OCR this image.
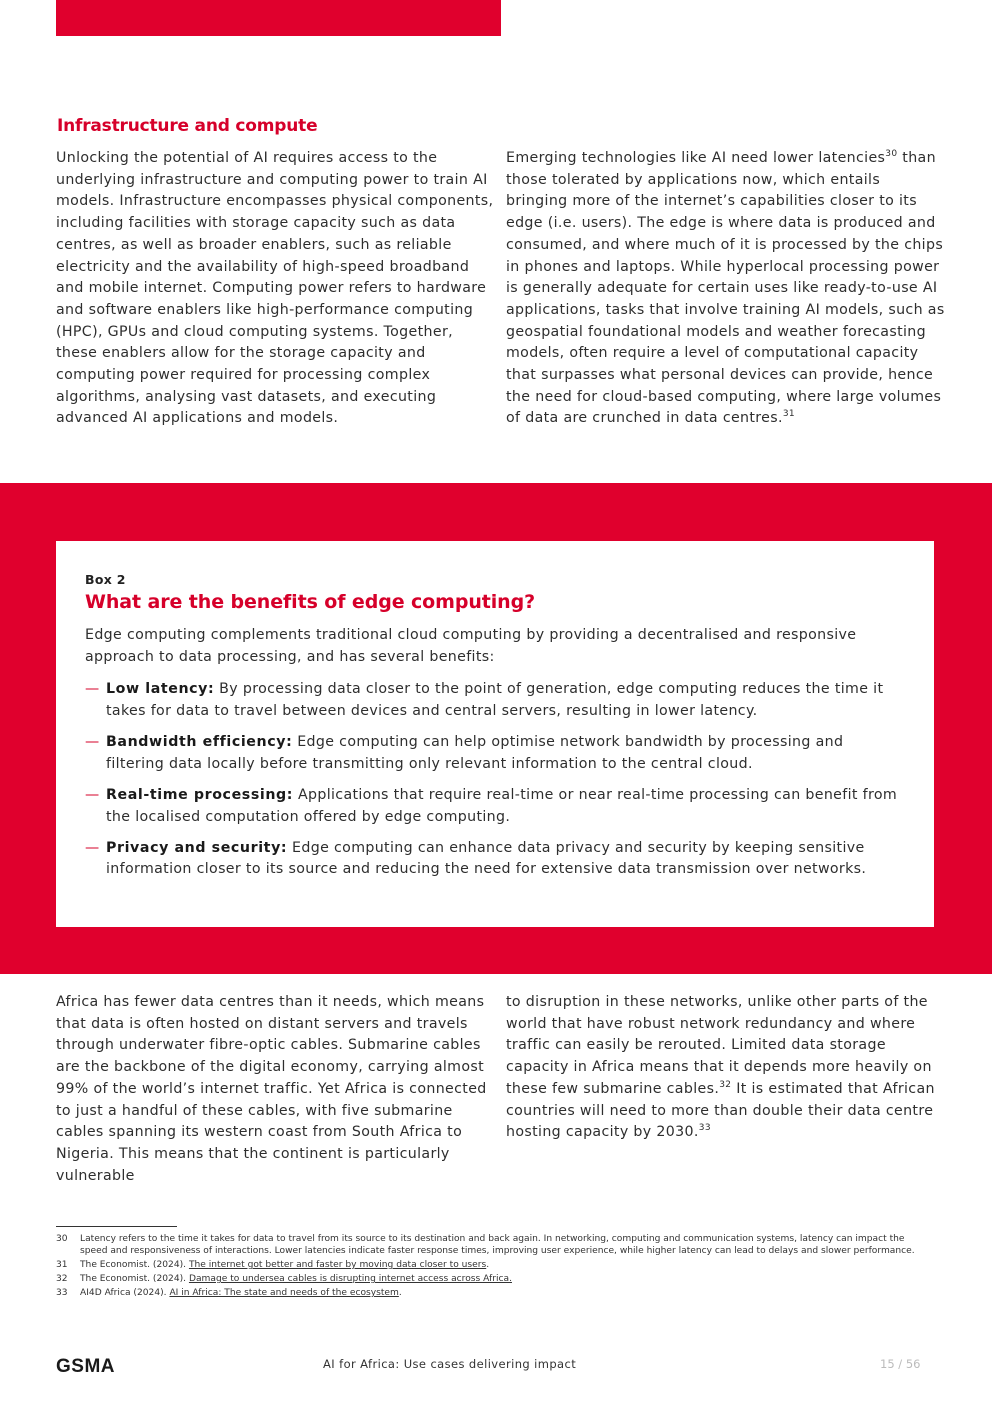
Infrastructure and compute

Unlocking the potential of AI requires access to the underlying infrastructure and computing power to train AI models. Infrastructure encompasses physical components, including facilities with storage capacity such as data centres, as well as broader enablers, such as reliable electricity and the availability of high-speed broadband and mobile internet. Computing power refers to hardware and software enablers like high-performance computing (HPC), GPUs and cloud computing systems. Together, these enablers allow for the storage capacity and computing power required for processing complex algorithms, analysing vast datasets, and executing advanced AI applications and models.

Emerging technologies like AI need lower latencies$^{30}$ than those tolerated by applications now, which entails bringing more of the internet’s capabilities closer to its edge (i.e. users). The edge is where data is produced and consumed, and where much of it is processed by the chips in phones and laptops. While hyperlocal processing power is generally adequate for certain uses like ready-to-use AI applications, tasks that involve training AI models, such as geospatial foundational models and weather forecasting models, often require a level of computational capacity that surpasses what personal devices can provide, hence the need for cloud-based computing, where large volumes of data are crunched in data centres.$^{31}$

Box 2
What are the benefits of edge computing?

Edge computing complements traditional cloud computing by providing a decentralised and responsive approach to data processing, and has several benefits:

— Low latency: By processing data closer to the point of generation, edge computing reduces the time it takes for data to travel between devices and central servers, resulting in lower latency.
— Bandwidth efficiency: Edge computing can help optimise network bandwidth by processing and filtering data locally before transmitting only relevant information to the central cloud.
— Real-time processing: Applications that require real-time or near real-time processing can benefit from the localised computation offered by edge computing.
— Privacy and security: Edge computing can enhance data privacy and security by keeping sensitive information closer to its source and reducing the need for extensive data transmission over networks.

Africa has fewer data centres than it needs, which means that data is often hosted on distant servers and travels through underwater fibre-optic cables. Submarine cables are the backbone of the digital economy, carrying almost 99% of the world’s internet traffic. Yet Africa is connected to just a handful of these cables, with five submarine cables spanning its western coast from South Africa to Nigeria. This means that the continent is particularly vulnerable

to disruption in these networks, unlike other parts of the world that have robust network redundancy and where traffic can easily be rerouted. Limited data storage capacity in Africa means that it depends more heavily on these few submarine cables.$^{32}$ It is estimated that African countries will need to more than double their data centre hosting capacity by 2030.33

30 Latency refers to the time it takes for data to travel from its source to its destination and back again. In networking, computing and communication systems, latency can impact the speed and responsiveness of interactions. Lower latencies indicate faster response times, improving user experience, while higher latency can lead to delays and slower performance.
31 The Economist. (2024). The internet got better and faster by moving data closer to users.
32 The Economist. (2024). Damage to undersea cables is disrupting internet access across Africa.
33 AI4D Africa (2024). AI in Africa: The state and needs of the ecosystem.
GSMA	AI for Africa: Use cases delivering impact	15 / 56
